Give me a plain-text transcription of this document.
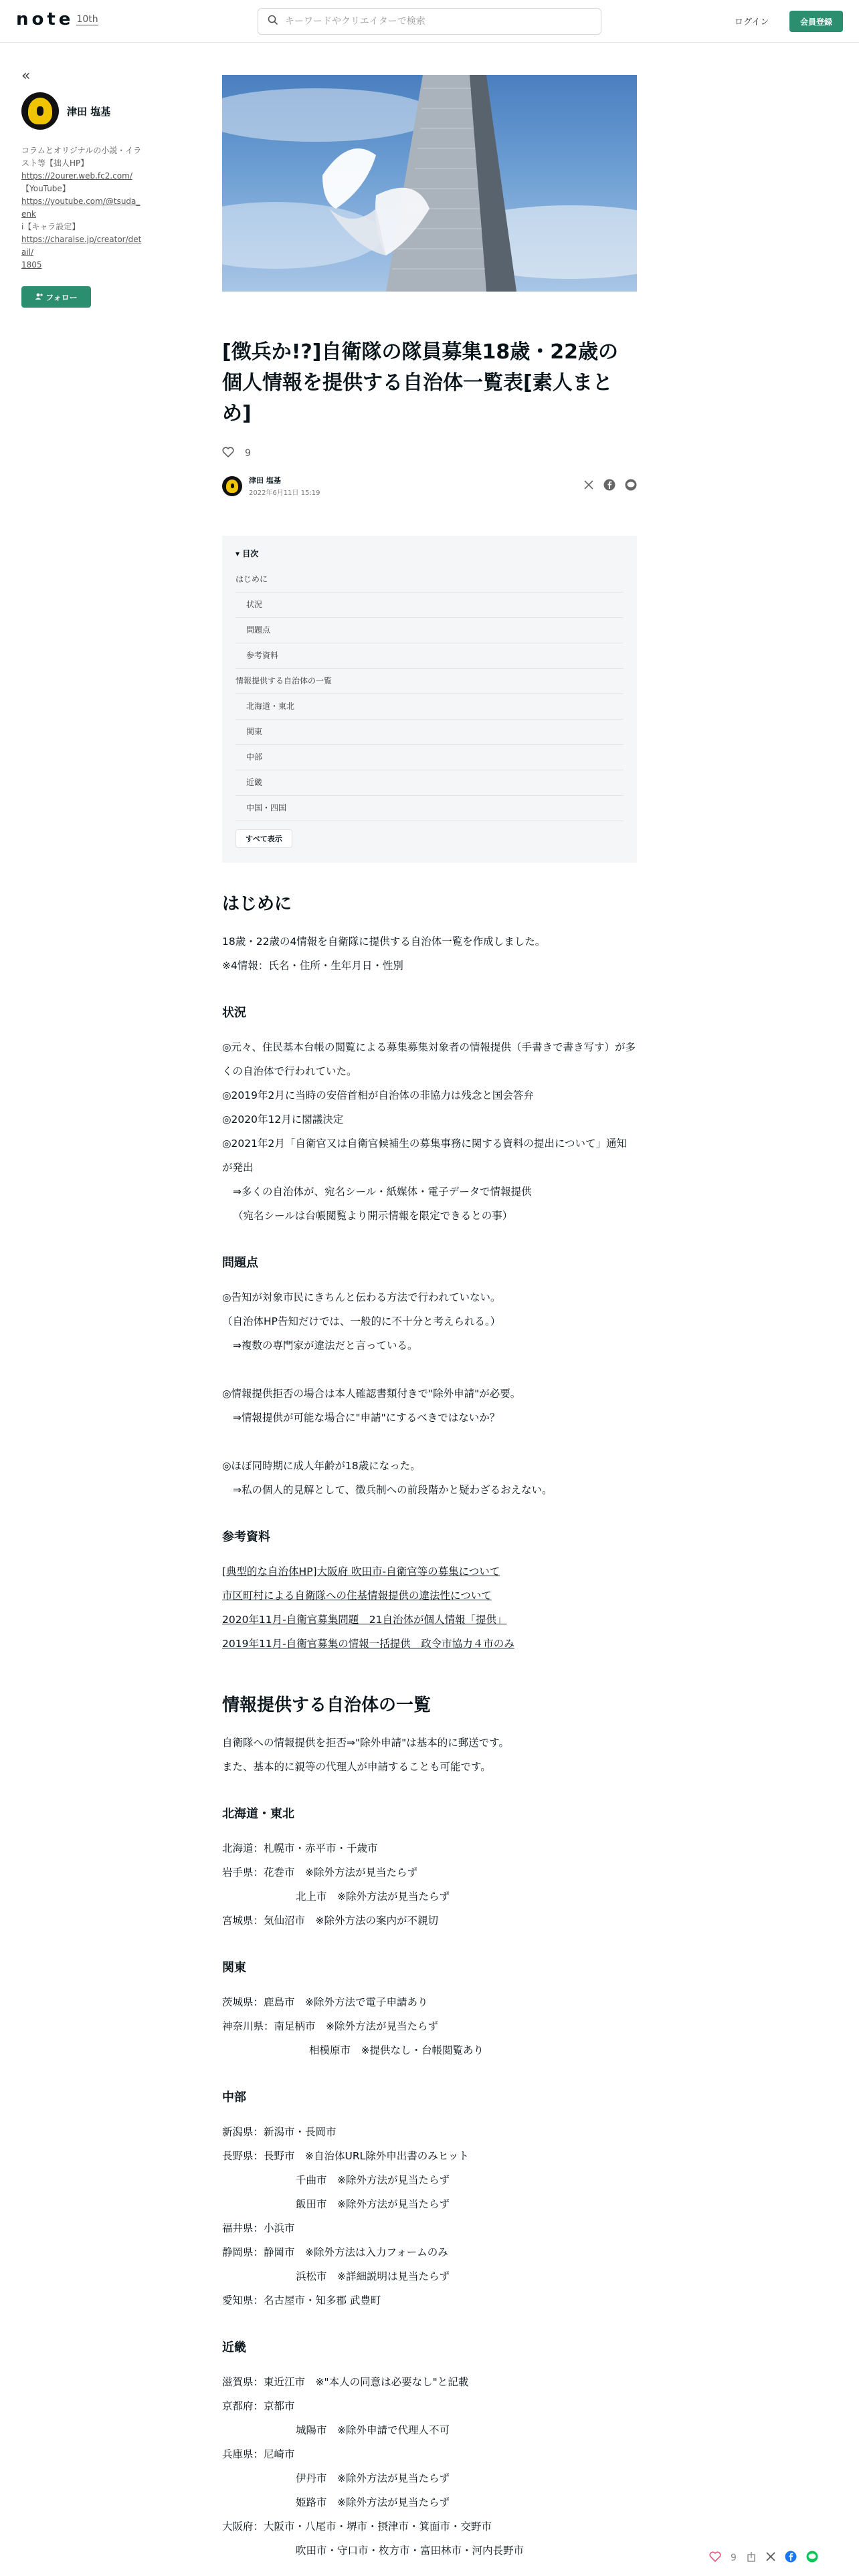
note 10th
キーワードやクリエイターで検索	ログイン	会員登録
«
津田 塩基
コラムとオリジナルの小説・イラスト等【拙人HP】
https://2ourer.web.fc2.com/
【YouTube】
https://youtube.com/@tsuda_enk
i【キャラ設定】
https://charalse.jp/creator/detail/
1805
フォロー
[徴兵か!?]自衛隊の隊員募集18歳・22歳の個人情報を提供する自治体一覧表[素人まとめ]
9
津田 塩基
2022年6月11日 15:19
▾ 目次
はじめに
状況
問題点
参考資料
情報提供する自治体の一覧
北海道・東北
関東
中部
近畿
中国・四国
すべて表示
はじめに

18歳・22歳の4情報を自衛隊に提供する自治体一覧を作成しました。

※4情報：氏名・住所・生年月日・性別

状況

◎元々、住民基本台帳の閲覧による募集募集対象者の情報提供（手書きで書き写す）が多くの自治体で行われていた。

◎2019年2月に当時の安倍首相が自治体の非協力は残念と国会答弁

◎2020年12月に閣議決定

◎2021年2月「自衛官又は自衛官候補生の募集事務に関する資料の提出について」通知が発出

⇒多くの自治体が、宛名シール・紙媒体・電子データで情報提供

（宛名シールは台帳閲覧より開示情報を限定できるとの事）

問題点

◎告知が対象市民にきちんと伝わる方法で行われていない。

（自治体HP告知だけでは、一般的に不十分と考えられる。）

⇒複数の専門家が違法だと言っている。

◎情報提供拒否の場合は本人確認書類付きで"除外申請"が必要。

⇒情報提供が可能な場合に"申請"にするべきではないか？

◎ほぼ同時期に成人年齢が18歳になった。

⇒私の個人的見解として、徴兵制への前段階かと疑わざるおえない。

参考資料

[典型的な自治体HP]大阪府 吹田市-自衛官等の募集について

市区町村による自衛隊への住基情報提供の違法性について

2020年11月-自衛官募集問題　21自治体が個人情報「提供」

2019年11月-自衛官募集の情報一括提供　政令市協力４市のみ

情報提供する自治体の一覧

自衛隊への情報提供を拒否⇒"除外申請"は基本的に郵送です。

また、基本的に親等の代理人が申請することも可能です。

北海道・東北

北海道：札幌市・赤平市・千歳市

岩手県：花巻市　※除外方法が見当たらず

北上市　※除外方法が見当たらず

宮城県：気仙沼市　※除外方法の案内が不親切

関東

茨城県：鹿島市　※除外方法で電子申請あり

神奈川県：南足柄市　※除外方法が見当たらず

相模原市　※提供なし・台帳閲覧あり

中部

新潟県：新潟市・長岡市

長野県：長野市　※自治体URL除外申出書のみヒット

千曲市　※除外方法が見当たらず

飯田市　※除外方法が見当たらず

福井県：小浜市

静岡県：静岡市　※除外方法は入力フォームのみ

浜松市　※詳細説明は見当たらず

愛知県：名古屋市・知多郡 武豊町

近畿

滋賀県：東近江市　※"本人の同意は必要なし"と記載

京都府：京都市

城陽市　※除外申請で代理人不可

兵庫県：尼崎市

伊丹市　※除外方法が見当たらず

姫路市　※除外方法が見当たらず

大阪府：大阪市・八尾市・堺市・摂津市・箕面市・交野市

吹田市・守口市・枚方市・富田林市・河内長野市

9
